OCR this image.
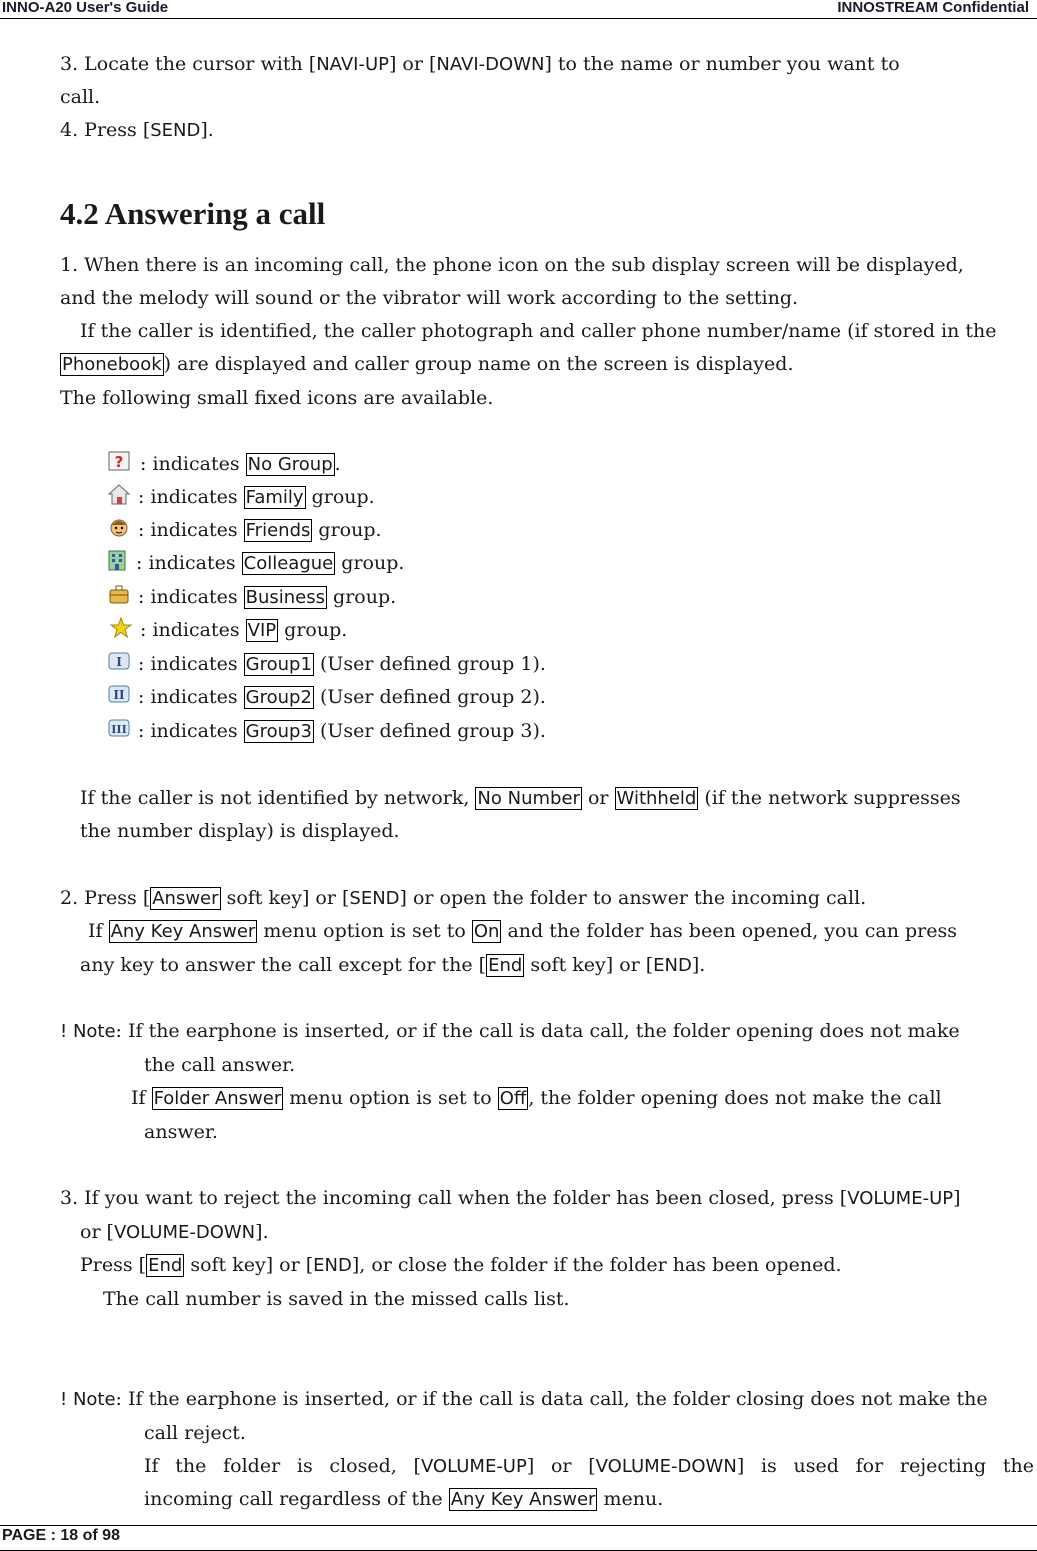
INNO-A20 User's Guide	INNOSTREAM Confidential
3. Locate the cursor with [NAVI-UP] or [NAVI-DOWN] to the name or number you want to
call.
4. Press [SEND].
4.2 Answering a call
1. When there is an incoming call, the phone icon on the sub display screen will be displayed,
and the melody will sound or the vibrator will work according to the setting.
If the caller is identified, the caller photograph and caller phone number/name (if stored in the
Phonebook ) are displayed and caller group name on the screen is displayed.
The following small fixed icons are available.
?
I
II
III
: indicates No Group .
: indicates Family group.
: indicates Friends group.
: indicates Colleague group.
: indicates Business group.
: indicates VIP group.
: indicates Group1 (User defined group 1).
: indicates Group2 (User defined group 2).
: indicates Group3 (User defined group 3).
If the caller is not identified by network, No Number or Withheld (if the network suppresses
the number display) is displayed.
2. Press [ Answer soft key] or [SEND] or open the folder to answer the incoming call.
If Any Key Answer menu option is set to On and the folder has been opened, you can press
any key to answer the call except for the [ End soft key] or [END].
! Note: If the earphone is inserted, or if the call is data call, the folder opening does not make
the call answer.
If Folder Answer menu option is set to Off , the folder opening does not make the call
answer.
3. If you want to reject the incoming call when the folder has been closed, press [VOLUME-UP]
or [VOLUME-DOWN].
Press [ End soft key] or [END], or close the folder if the folder has been opened.
The call number is saved in the missed calls list.
! Note: If the earphone is inserted, or if the call is data call, the folder closing does not make the
call reject.
If the folder is closed, [VOLUME-UP] or [VOLUME-DOWN] is used for rejecting the
incoming call regardless of the Any Key Answer menu.
PAGE : 18 of 98
